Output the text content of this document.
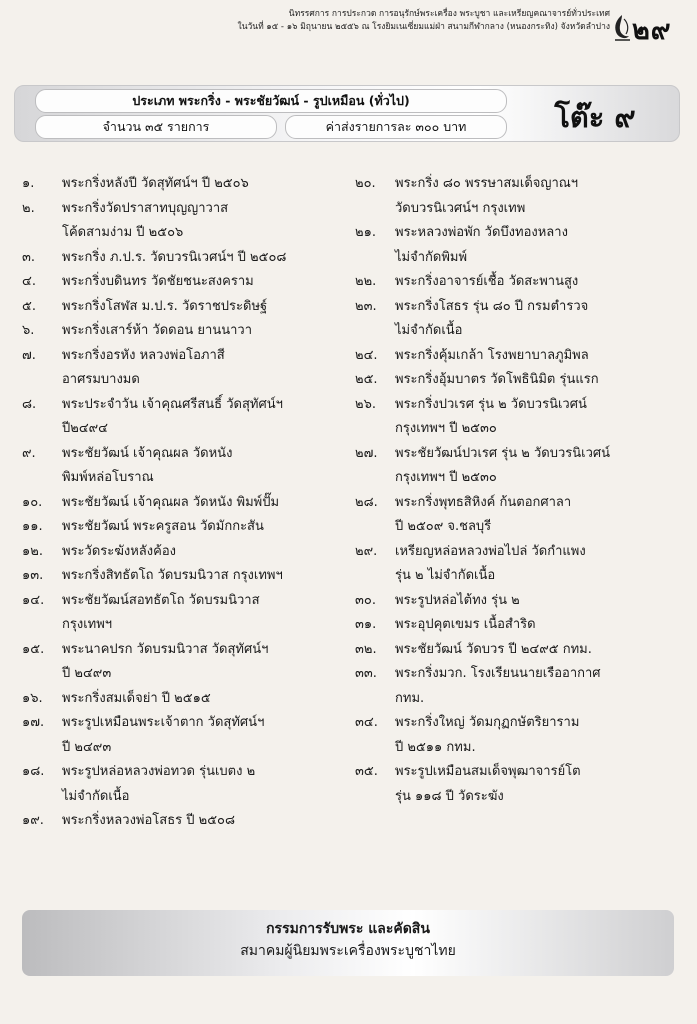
นิทรรศการ การประกวด การอนุรักษ์พระเครื่อง พระบูชา และเหรียญคณาจารย์ทั่วประเทศ
ในวันที่ ๑๕ - ๑๖ มิถุนายน ๒๕๕๖ ณ โรงยิมเนเซี่ยมแม่ฝ่า สนามกีฬากลาง (หนองกระทิง) จังหวัดลำปาง ๒๙
ประเภท พระกริ่ง - พระชัยวัฒน์ - รูปเหมือน (ทั่วไป)
จำนวน ๓๕ รายการ	ค่าส่งรายการละ ๓๐๐ บาท	โต๊ะ ๙
๑.	พระกริ่งหลังปี วัดสุทัศน์ฯ ปี ๒๕๐๖
๒.	พระกริ่งวัดปราสาทบุญญาวาส
โค้ดสามง่าม ปี ๒๕๐๖
๓.	พระกริ่ง ภ.ป.ร. วัดบวรนิเวศน์ฯ ปี ๒๕๐๘
๔.	พระกริ่งบดินทร วัดชัยชนะสงคราม
๕.	พระกริ่งโสฬส ม.ป.ร. วัดราชประดิษฐ์
๖.	พระกริ่งเสาร์ห้า วัดดอน ยานนาวา
๗.	พระกริ่งอรหัง หลวงพ่อโอภาสี
อาศรมบางมด
๘.	พระประจำวัน เจ้าคุณศรีสนธิ์ วัดสุทัศน์ฯ
ปี๒๔๙๔
๙.	พระชัยวัฒน์ เจ้าคุณผล วัดหนัง
พิมพ์หล่อโบราณ
๑๐.	พระชัยวัฒน์ เจ้าคุณผล วัดหนัง พิมพ์ปั๊ม
๑๑.	พระชัยวัฒน์ พระครูสอน วัดมักกะสัน
๑๒.	พระวัดระฆังหลังค้อง
๑๓.	พระกริ่งสิทธัตโถ วัดบรมนิวาส กรุงเทพฯ
๑๔.	พระชัยวัฒน์สอทธัตโถ วัดบรมนิวาส
กรุงเทพฯ
๑๕.	พระนาคปรก วัดบรมนิวาส วัดสุทัศน์ฯ
ปี ๒๔๙๓
๑๖.	พระกริ่งสมเด็จย่า ปี ๒๕๑๕
๑๗.	พระรูปเหมือนพระเจ้าตาก วัดสุทัศน์ฯ
ปี ๒๔๙๓
๑๘.	พระรูปหล่อหลวงพ่อทวด รุ่นเบตง ๒
ไม่จำกัดเนื้อ
๑๙.	พระกริ่งหลวงพ่อโสธร ปี ๒๕๐๘
๒๐.	พระกริ่ง ๘๐ พรรษาสมเด็จญาณฯ
วัดบวรนิเวศน์ฯ กรุงเทพ
๒๑.	พระหลวงพ่อพัก วัดบึงทองหลาง
ไม่จำกัดพิมพ์
๒๒.	พระกริ่งอาจารย์เชื้อ วัดสะพานสูง
๒๓.	พระกริ่งโสธร รุ่น ๘๐ ปี กรมตำรวจ
ไม่จำกัดเนื้อ
๒๔.	พระกริ่งคุ้มเกล้า โรงพยาบาลภูมิพล
๒๕.	พระกริ่งอุ้มบาตร วัดโพธินิมิต รุ่นแรก
๒๖.	พระกริ่งปวเรศ รุ่น ๒ วัดบวรนิเวศน์
กรุงเทพฯ ปี ๒๕๓๐
๒๗.	พระชัยวัฒน์ปวเรศ รุ่น ๒ วัดบวรนิเวศน์
กรุงเทพฯ ปี ๒๕๓๐
๒๘.	พระกริ่งพุทธสิหิงค์ ก้นตอกศาลา
ปี ๒๕๐๙ จ.ชลบุรี
๒๙.	เหรียญหล่อหลวงพ่อไปล่ วัดกำแพง
รุ่น ๒ ไม่จำกัดเนื้อ
๓๐.	พระรูปหล่อไต้ทง รุ่น ๒
๓๑.	พระอุปคุตเขมร เนื้อสำริด
๓๒.	พระชัยวัฒน์ วัดบวร ปี ๒๔๙๕ กทม.
๓๓.	พระกริ่งมวก. โรงเรียนนายเรืออากาศ
กทม.
๓๔.	พระกริ่งใหญ่ วัดมกุฏกษัตริยาราม
ปี ๒๕๑๑ กทม.
๓๕.	พระรูปเหมือนสมเด็จพุฒาจารย์โต
รุ่น ๑๑๘ ปี วัดระฆัง
กรรมการรับพระ และคัดสิน
สมาคมผู้นิยมพระเครื่องพระบูชาไทย
